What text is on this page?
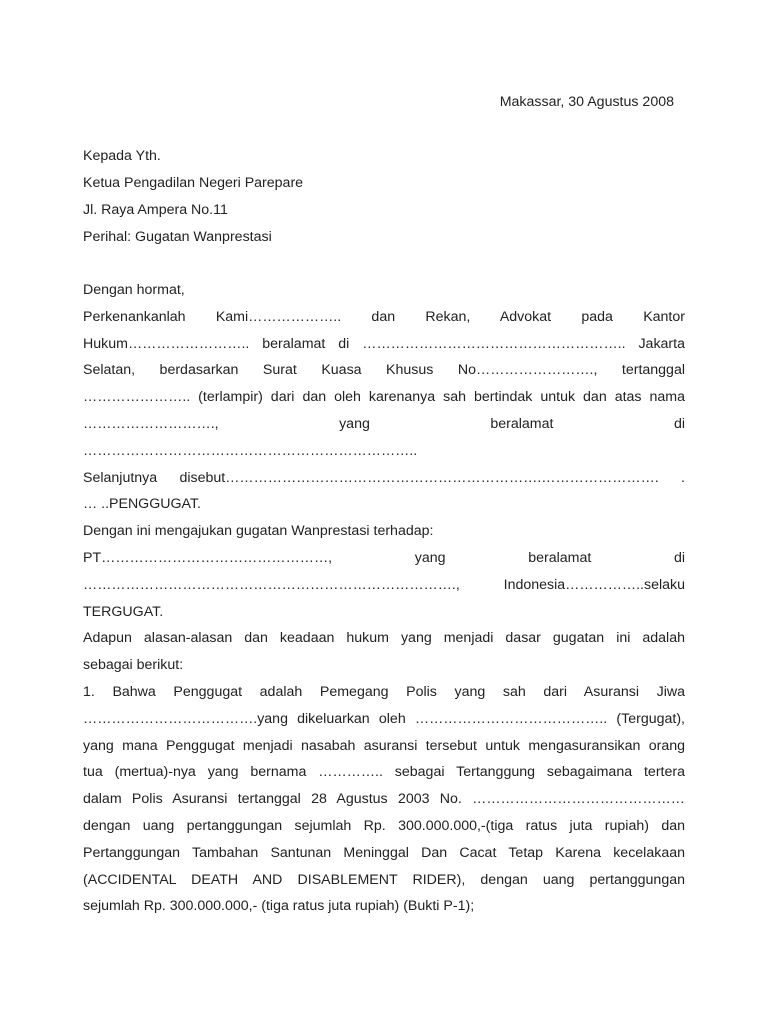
Makassar, 30 Agustus 2008
Kepada Yth.
Ketua Pengadilan Negeri Parepare
Jl. Raya Ampera No.11
Perihal: Gugatan Wanprestasi
Dengan hormat,
Perkenankanlah Kami……………….. dan Rekan, Advokat pada Kantor
Hukum…………………….. beralamat di ……………………………………………….. Jakarta
Selatan, berdasarkan Surat Kuasa Khusus No……………………., tertanggal
………………….. (terlampir) dari dan oleh karenanya sah bertindak untuk dan atas nama
………………………., yang beralamat di
……………………………………………………………..
Selanjutnya disebut………………………………………………………….……………………. .
… ..PENGGUGAT.
Dengan ini mengajukan gugatan Wanprestasi terhadap:
PT…………………………………………, yang beralamat di
……………………………………………………………………., Indonesia……………..selaku
TERGUGAT.
Adapun alasan-alasan dan keadaan hukum yang menjadi dasar gugatan ini adalah
sebagai berikut:
1. Bahwa Penggugat adalah Pemegang Polis yang sah dari Asuransi Jiwa
……………………………….yang dikeluarkan oleh ………………………………….. (Tergugat),
yang mana Penggugat menjadi nasabah asuransi tersebut untuk mengasuransikan orang
tua (mertua)-nya yang bernama ………….. sebagai Tertanggung sebagaimana tertera
dalam Polis Asuransi tertanggal 28 Agustus 2003 No. ………………………………………
dengan uang pertanggungan sejumlah Rp. 300.000.000,-(tiga ratus juta rupiah) dan
Pertanggungan Tambahan Santunan Meninggal Dan Cacat Tetap Karena kecelakaan
(ACCIDENTAL DEATH AND DISABLEMENT RIDER), dengan uang pertanggungan
sejumlah Rp. 300.000.000,- (tiga ratus juta rupiah) (Bukti P-1);
